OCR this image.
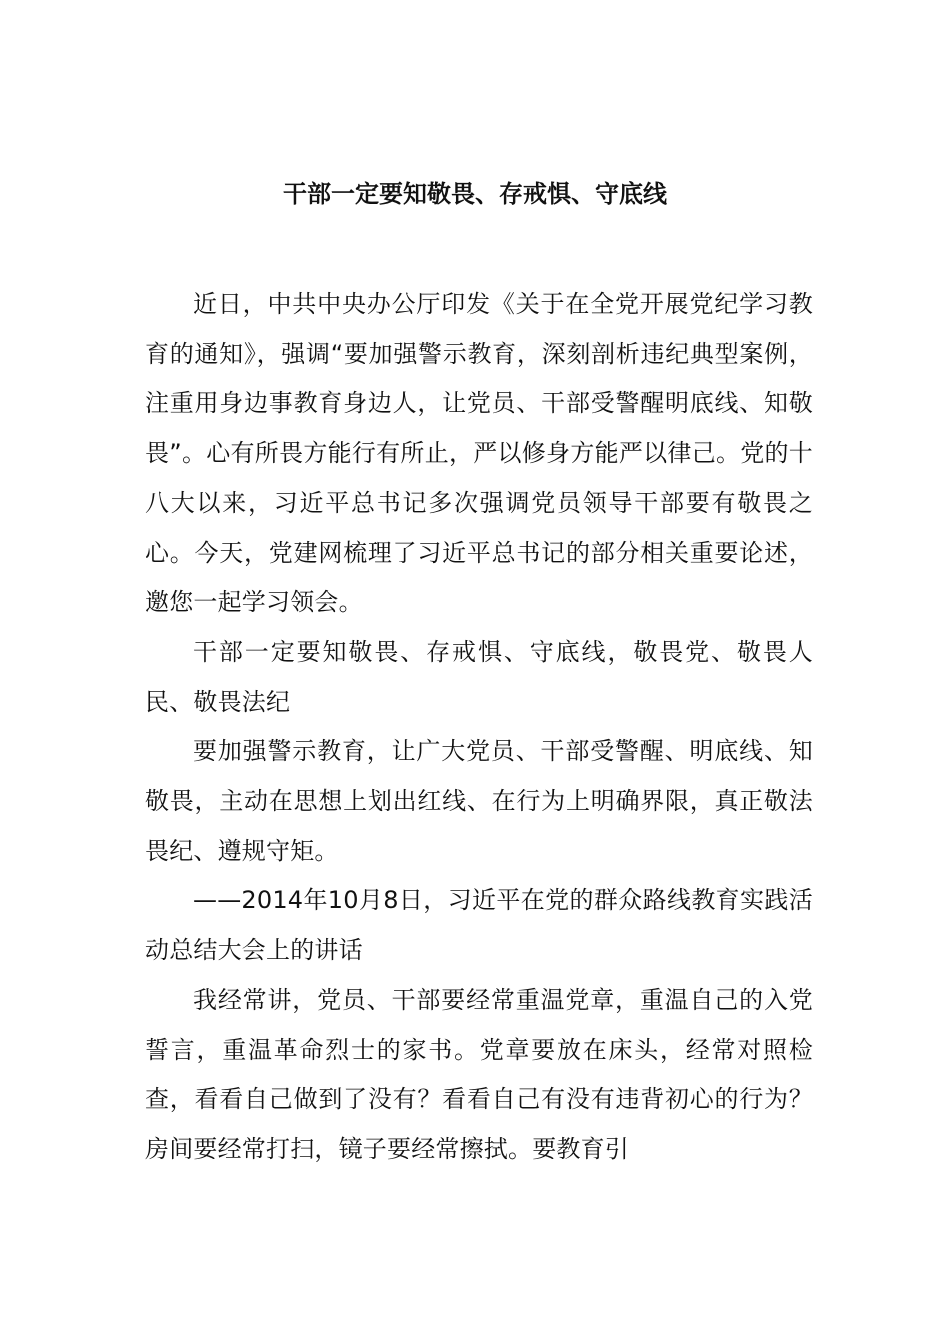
干部一定要知敬畏、存戒惧、守底线

近日，中共中央办公厅印发《关于在全党开展党纪学习教育的通知》，强调“要加强警示教育，深刻剖析违纪典型案例，注重用身边事教育身边人，让党员、干部受警醒明底线、知敬畏”。心有所畏方能行有所止，严以修身方能严以律己。党的十八大以来，习近平总书记多次强调党员领导干部要有敬畏之心。今天，党建网梳理了习近平总书记的部分相关重要论述，邀您一起学习领会。

干部一定要知敬畏、存戒惧、守底线，敬畏党、敬畏人民、敬畏法纪

要加强警示教育，让广大党员、干部受警醒、明底线、知敬畏，主动在思想上划出红线、在行为上明确界限，真正敬法畏纪、遵规守矩。

——2014年10月8日，习近平在党的群众路线教育实践活动总结大会上的讲话

我经常讲，党员、干部要经常重温党章，重温自己的入党誓言，重温革命烈士的家书。党章要放在床头，经常对照检查，看看自己做到了没有？看看自己有没有违背初心的行为？房间要经常打扫，镜子要经常擦拭。要教育引
